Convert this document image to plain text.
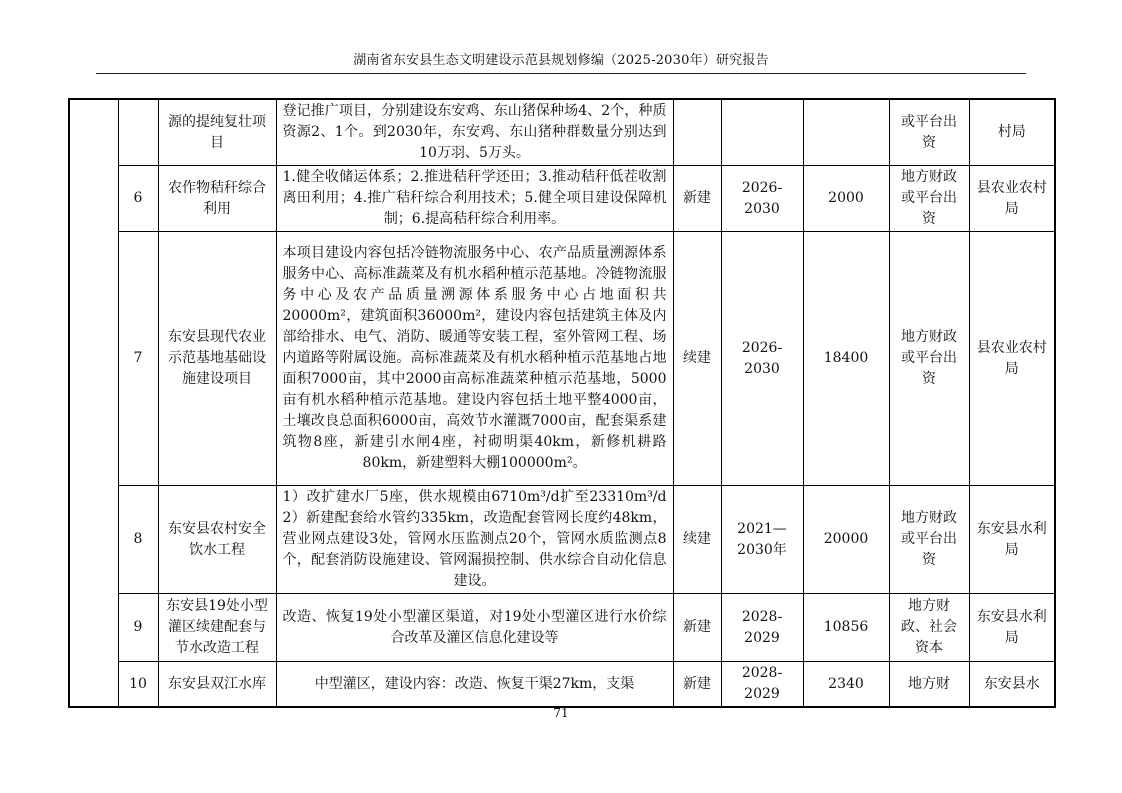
湖南省东安县生态文明建设示范县规划修编（2025-2030年）研究报告
		源的提纯复壮项目	登记推广项目，分别建设东安鸡、东山猪保种场4、2个，种质资源2、1个。到2030年，东安鸡、东山猪种群数量分别达到10万羽、5万头。				或平台出资	村局
	6	农作物秸秆综合利用	1.健全收储运体系；2.推进秸秆学还田；3.推动秸秆低茬收割离田利用；4.推广秸秆综合利用技术；5.健全项目建设保障机制；6.提高秸秆综合利用率。	新建	2026-2030	2000	地方财政或平台出资	县农业农村局
	7	东安县现代农业示范基地基础设施建设项目	本项目建设内容包括冷链物流服务中心、农产品质量溯源体系服务中心、高标准蔬菜及有机水稻种植示范基地。冷链物流服务中心及农产品质量溯源体系服务中心占地面积共20000m²，建筑面积36000m²，建设内容包括建筑主体及内部给排水、电气、消防、暖通等安装工程，室外管网工程、场内道路等附属设施。高标准蔬菜及有机水稻种植示范基地占地面积7000亩，其中2000亩高标准蔬菜种植示范基地，5000亩有机水稻种植示范基地。建设内容包括土地平整4000亩，土壤改良总面积6000亩，高效节水灌溉7000亩，配套渠系建筑物8座，新建引水闸4座，衬砌明渠40km，新修机耕路80km，新建塑料大棚100000m²。	续建	2026-2030	18400	地方财政或平台出资	县农业农村局
	8	东安县农村安全饮水工程	1）改扩建水厂5座，供水规模由6710m³/d扩至23310m³/d 2）新建配套给水管约335km，改造配套管网长度约48km，营业网点建设3处，管网水压监测点20个，管网水质监测点8个，配套消防设施建设、管网漏损控制、供水综合自动化信息建设。	续建	2021—2030年	20000	地方财政或平台出资	东安县水利局
	9	东安县19处小型灌区续建配套与节水改造工程	改造、恢复19处小型灌区渠道，对19处小型灌区进行水价综合改革及灌区信息化建设等	新建	2028-2029	10856	地方财政、社会资本	东安县水利局
	10	东安县双江水库	中型灌区，建设内容：改造、恢复干渠27km，支渠	新建	2028-2029	2340	地方财	东安县水
71
